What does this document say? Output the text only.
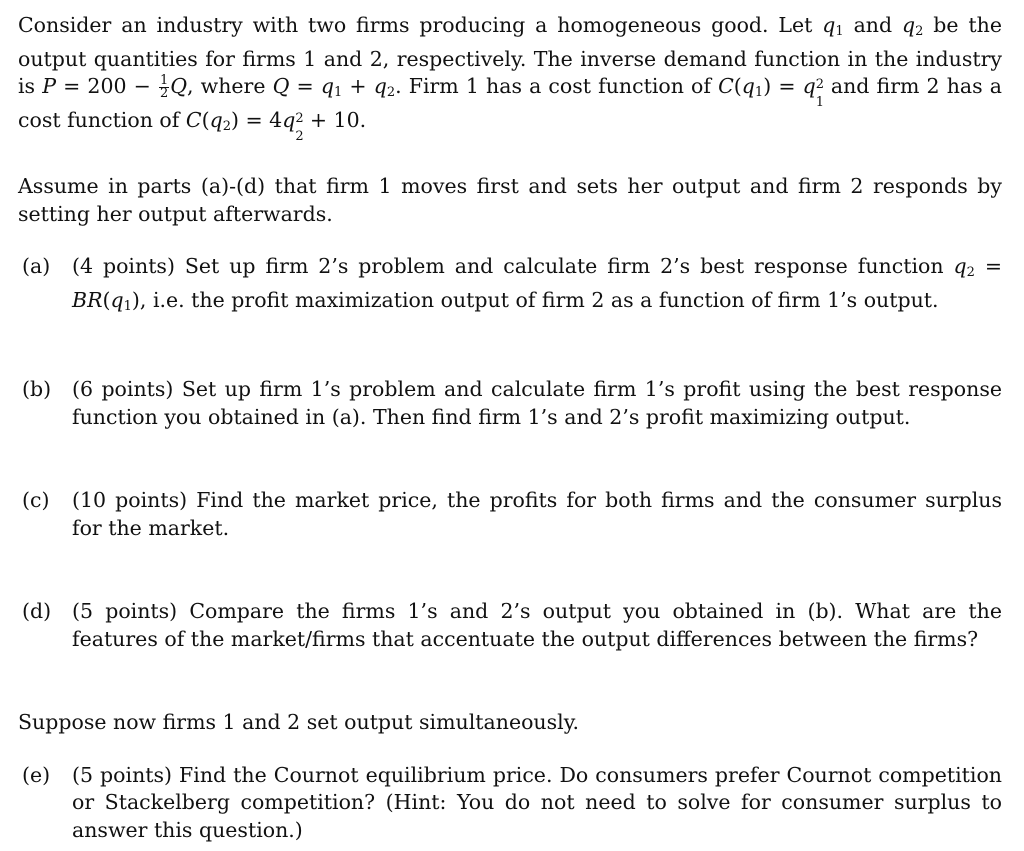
Consider an industry with two firms producing a homogeneous good. Let $q_1$ and $q_2$ be the output quantities for firms 1 and 2, respectively. The inverse demand function in the industry is $P = 200 - \frac{1}{2} Q$, where $Q = q_1 + q_2$. Firm 1 has a cost function of $C(q_1) = q$ 2
1
and firm 2 has a cost function of $C(q_2) = 4q$ 2
2
+ 10.

Assume in parts (a)-(d) that firm 1 moves first and sets her output and firm 2 responds by setting her output afterwards.

(a)	(4 points) Set up firm 2’s problem and calculate firm 2’s best response function $q_2 = BR(q_1)$, i.e. the profit maximization output of firm 2 as a function of firm 1’s output.
(b)	(6 points) Set up firm 1’s problem and calculate firm 1’s profit using the best response function you obtained in (a). Then find firm 1’s and 2’s profit maximizing output.
(c)	(10 points) Find the market price, the profits for both firms and the consumer surplus for the market.
(d)	(5 points) Compare the firms 1’s and 2’s output you obtained in (b). What are the features of the market/firms that accentuate the output differences between the firms?

Suppose now firms 1 and 2 set output simultaneously.

(e)	(5 points) Find the Cournot equilibrium price. Do consumers prefer Cournot competition or Stackelberg competition? (Hint: You do not need to solve for consumer surplus to answer this question.)
